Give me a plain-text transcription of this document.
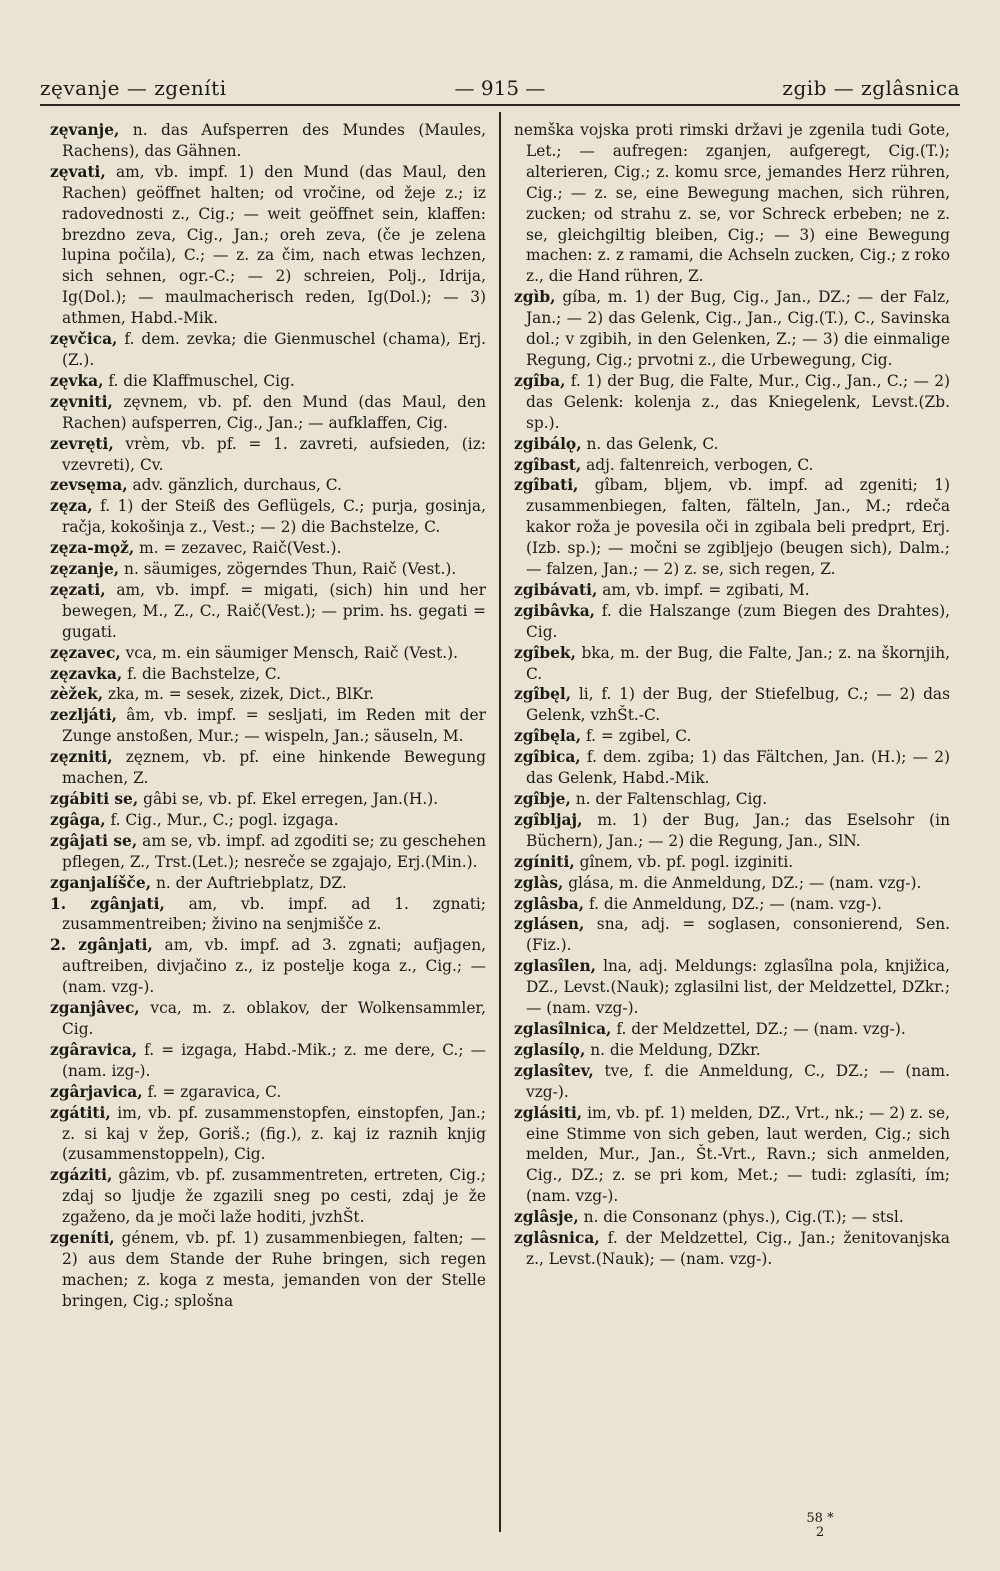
zęvanje — zgeníti	— 915 —	zgib — zglâsnica

zęvanje, n. das Aufsperren des Mundes (Maules, Rachens), das Gähnen.

zęvati, am, vb. impf. 1) den Mund (das Maul, den Rachen) geöffnet halten; od vročine, od žeje z.; iz radovednosti z., Cig.; — weit geöffnet sein, klaffen: brezdno zeva, Cig., Jan.; oreh zeva, (če je zelena lupina počila), C.; — z. za čim, nach etwas lechzen, sich sehnen, ogr.-C.; — 2) schreien, Polj., Idrija, Ig(Dol.); — maulmacherisch reden, Ig(Dol.); — 3) athmen, Habd.-Mik.

zęvčica, f. dem. zevka; die Gienmuschel (chama), Erj.(Z.).

zęvka, f. die Klaffmuschel, Cig.

zęvniti, zęvnem, vb. pf. den Mund (das Maul, den Rachen) aufsperren, Cig., Jan.; — aufklaffen, Cig.

zevręti, vrèm, vb. pf. = 1. zavreti, aufsieden, (iz: vzevreti), Cv.

zevsęma, adv. gänzlich, durchaus, C.

zęza, f. 1) der Steiß des Geflügels, C.; purja, gosinja, račja, kokošinja z., Vest.; — 2) die Bachstelze, C.

zęza-mǫž, m. = zezavec, Raič(Vest.).

zęzanje, n. säumiges, zögerndes Thun, Raič (Vest.).

zęzati, am, vb. impf. = migati, (sich) hin und her bewegen, M., Z., C., Raič(Vest.); — prim. hs. gegati = gugati.

zęzavec, vca, m. ein säumiger Mensch, Raič (Vest.).

zęzavka, f. die Bachstelze, C.

zèžek, zka, m. = sesek, zizek, Dict., BlKr.

zezljáti, âm, vb. impf. = sesljati, im Reden mit der Zunge anstoßen, Mur.; — wispeln, Jan.; säuseln, M.

zęzniti, zęznem, vb. pf. eine hinkende Bewegung machen, Z.

zgábiti se, gâbi se, vb. pf. Ekel erregen, Jan.(H.).

zgâga, f. Cig., Mur., C.; pogl. izgaga.

zgâjati se, am se, vb. impf. ad zgoditi se; zu geschehen pflegen, Z., Trst.(Let.); nesreče se zgajajo, Erj.(Min.).

zganjalíšče, n. der Auftriebplatz, DZ.

1. zgânjati, am, vb. impf. ad 1. zgnati; zusammentreiben; živino na senjmišče z.

2. zgânjati, am, vb. impf. ad 3. zgnati; aufjagen, auftreiben, divjačino z., iz postelje koga z., Cig.; — (nam. vzg-).

zganjâvec, vca, m. z. oblakov, der Wolkensammler, Cig.

zgâravica, f. = izgaga, Habd.-Mik.; z. me dere, C.; — (nam. izg-).

zgârjavica, f. = zgaravica, C.

zgátiti, im, vb. pf. zusammenstopfen, einstopfen, Jan.; z. si kaj v žep, Goriš.; (fig.), z. kaj iz raznih knjig (zusammenstoppeln), Cig.

zgáziti, gâzim, vb. pf. zusammentreten, ertreten, Cig.; zdaj so ljudje že zgazili sneg po cesti, zdaj je že zgaženo, da je moči laže hoditi, jvzhŠt.

zgeníti, génem, vb. pf. 1) zusammenbiegen, falten; — 2) aus dem Stande der Ruhe bringen, sich regen machen; z. koga z mesta, jemanden von der Stelle bringen, Cig.; splošna

nemška vojska proti rimski državi je zgenila tudi Gote, Let.; — aufregen: zganjen, aufgeregt, Cig.(T.); alterieren, Cig.; z. komu srce, jemandes Herz rühren, Cig.; — z. se, eine Bewegung machen, sich rühren, zucken; od strahu z. se, vor Schreck erbeben; ne z. se, gleichgiltig bleiben, Cig.; — 3) eine Bewegung machen: z. z ramami, die Achseln zucken, Cig.; z roko z., die Hand rühren, Z.

zgìb, gíba, m. 1) der Bug, Cig., Jan., DZ.; — der Falz, Jan.; — 2) das Gelenk, Cig., Jan., Cig.(T.), C., Savinska dol.; v zgibih, in den Gelenken, Z.; — 3) die einmalige Regung, Cig.; prvotni z., die Urbewegung, Cig.

zgîba, f. 1) der Bug, die Falte, Mur., Cig., Jan., C.; — 2) das Gelenk: kolenja z., das Kniegelenk, Levst.(Zb. sp.).

zgibálǫ, n. das Gelenk, C.

zgîbast, adj. faltenreich, verbogen, C.

zgîbati, gîbam, bljem, vb. impf. ad zgeniti; 1) zusammenbiegen, falten, fälteln, Jan., M.; rdeča kakor roža je povesila oči in zgibala beli predprt, Erj.(Izb. sp.); — močni se zgibljejo (beugen sich), Dalm.; — falzen, Jan.; — 2) z. se, sich regen, Z.

zgibávati, am, vb. impf. = zgibati, M.

zgibâvka, f. die Halszange (zum Biegen des Drahtes), Cig.

zgîbek, bka, m. der Bug, die Falte, Jan.; z. na škornjih, C.

zgîbęl, li, f. 1) der Bug, der Stiefelbug, C.; — 2) das Gelenk, vzhŠt.-C.

zgîbęla, f. = zgibel, C.

zgîbica, f. dem. zgiba; 1) das Fältchen, Jan. (H.); — 2) das Gelenk, Habd.-Mik.

zgîbje, n. der Faltenschlag, Cig.

zgîbljaj, m. 1) der Bug, Jan.; das Eselsohr (in Büchern), Jan.; — 2) die Regung, Jan., SlN.

zgíniti, gînem, vb. pf. pogl. izginiti.

zglàs, glása, m. die Anmeldung, DZ.; — (nam. vzg-).

zglâsba, f. die Anmeldung, DZ.; — (nam. vzg-).

zglásen, sna, adj. = soglasen, consonierend, Sen.(Fiz.).

zglasîlen, lna, adj. Meldungs: zglasîlna pola, knjižica, DZ., Levst.(Nauk); zglasilni list, der Meldzettel, DZkr.; — (nam. vzg-).

zglasîlnica, f. der Meldzettel, DZ.; — (nam. vzg-).

zglasílǫ, n. die Meldung, DZkr.

zglasîtev, tve, f. die Anmeldung, C., DZ.; — (nam. vzg-).

zglásiti, im, vb. pf. 1) melden, DZ., Vrt., nk.; — 2) z. se, eine Stimme von sich geben, laut werden, Cig.; sich melden, Mur., Jan., Št.-Vrt., Ravn.; sich anmelden, Cig., DZ.; z. se pri kom, Met.; — tudi: zglasíti, ím; (nam. vzg-).

zglâsje, n. die Consonanz (phys.), Cig.(T.); — stsl.

zglâsnica, f. der Meldzettel, Cig., Jan.; ženitovanjska z., Levst.(Nauk); — (nam. vzg-).

58 *
2
